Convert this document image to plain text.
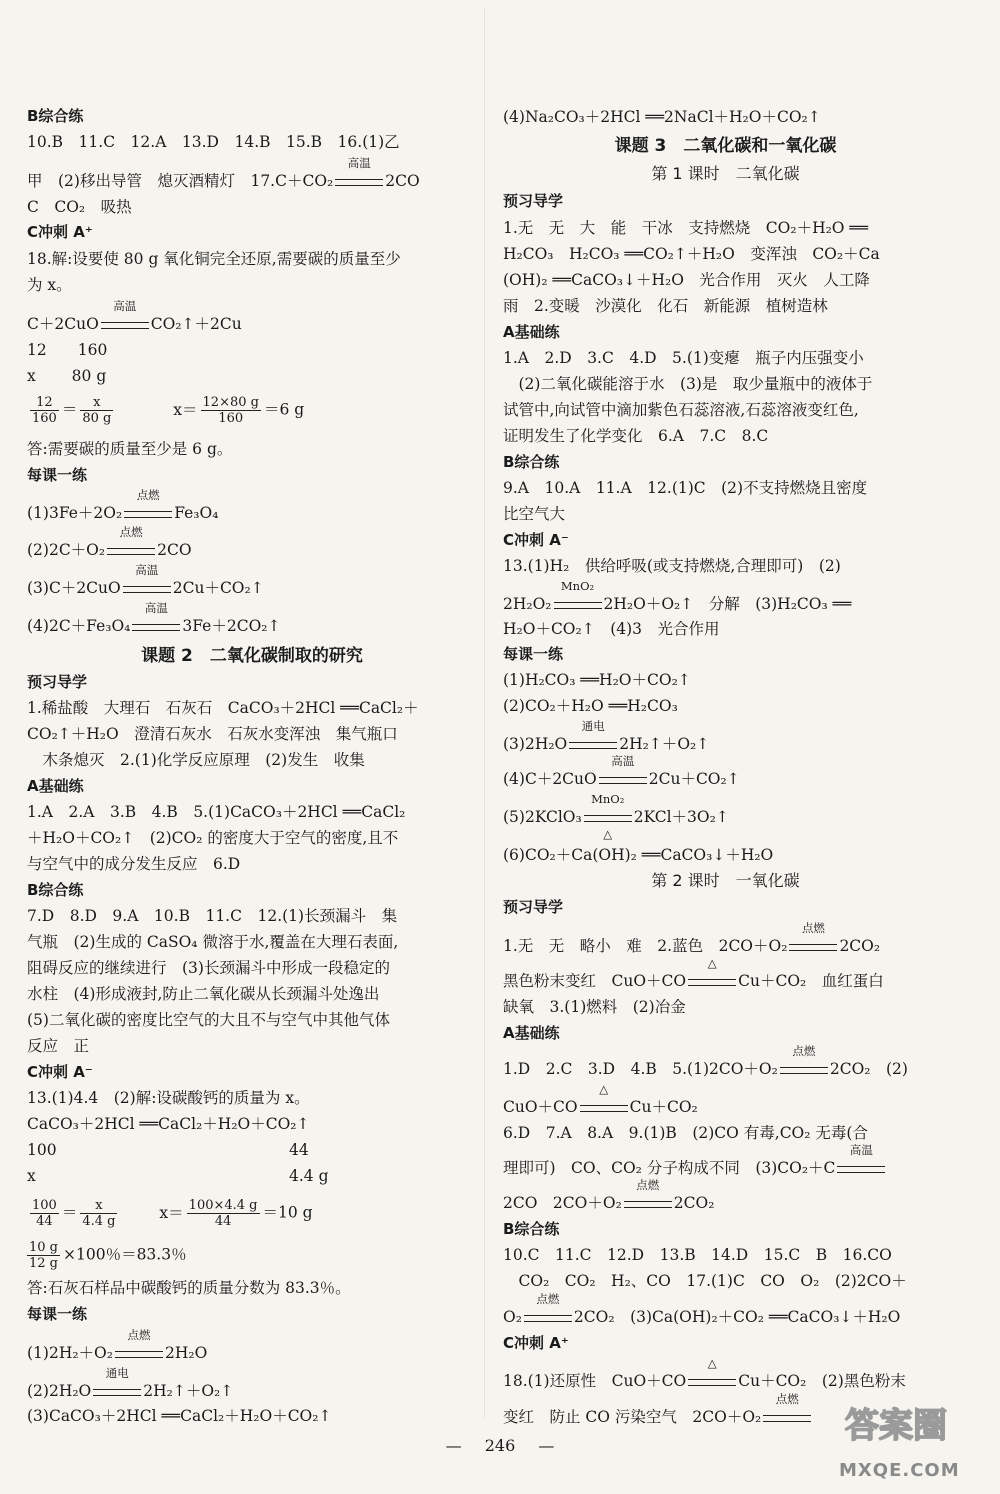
B综合练
10.B　11.C　12.A　13.D　14.B　15.B　16.(1)乙
甲　(2)移出导管　熄灭酒精灯　17.C＋CO₂
高温
2CO
C　CO₂　吸热
C冲刺 A⁺
18.解:设要使 80 g 氧化铜完全还原,需要碳的质量至少
为 x。
C＋2CuO
高温
CO₂↑＋2Cu
12　　160
x　　 80 g
$\frac{12}{160} = \frac{x}{80 g}$	$x= \frac{12\times 80 g}{160} =6$ g
答:需要碳的质量至少是 6 g。
每课一练
(1)3Fe＋2O₂
点燃
Fe₃O₄
(2)2C＋O₂
点燃
2CO
(3)C＋2CuO
高温
2Cu＋CO₂↑
(4)2C＋Fe₃O₄
高温
3Fe＋2CO₂↑
课题 2　二氧化碳制取的研究
预习导学
1.稀盐酸　大理石　石灰石　CaCO₃＋2HCl ══CaCl₂＋
CO₂↑＋H₂O　澄清石灰水　石灰水变浑浊　集气瓶口
　木条熄灭　2.(1)化学反应原理　(2)发生　收集
A基础练
1.A　2.A　3.B　4.B　5.(1)CaCO₃＋2HCl ══CaCl₂
＋H₂O＋CO₂↑　(2)CO₂ 的密度大于空气的密度,且不
与空气中的成分发生反应　6.D
B综合练
7.D　8.D　9.A　10.B　11.C　12.(1)长颈漏斗　集
气瓶　(2)生成的 CaSO₄ 微溶于水,覆盖在大理石表面,
阻碍反应的继续进行　(3)长颈漏斗中形成一段稳定的
水柱　(4)形成液封,防止二氧化碳从长颈漏斗处逸出
(5)二氧化碳的密度比空气的大且不与空气中其他气体
反应　正
C冲刺 A⁻
13.(1)4.4　(2)解:设碳酸钙的质量为 x。
CaCO₃＋2HCl ══CaCl₂＋H₂O＋CO₂↑
100	44
x	4.4 g
$\frac{100}{44} = \frac{x}{4.4 g}$	$x= \frac{100\times 4.4 g}{44} =10$ g
$\frac{10 g}{12 g} \times 100$％＝83.3％
答:石灰石样品中碳酸钙的质量分数为 83.3％。
每课一练
(1)2H₂＋O₂
点燃
2H₂O
(2)2H₂O
通电
2H₂↑＋O₂↑
(3)CaCO₃＋2HCl ══CaCl₂＋H₂O＋CO₂↑
(4)Na₂CO₃＋2HCl ══2NaCl＋H₂O＋CO₂↑
课题 3　二氧化碳和一氧化碳
第 1 课时　二氧化碳
预习导学
1.无　无　大　能　干冰　支持燃烧　CO₂＋H₂O ══
H₂CO₃　H₂CO₃ ══CO₂↑＋H₂O　变浑浊　CO₂＋Ca
(OH)₂ ══CaCO₃↓＋H₂O　光合作用　灭火　人工降
雨　2.变暖　沙漠化　化石　新能源　植树造林
A基础练
1.A　2.D　3.C　4.D　5.(1)变瘪　瓶子内压强变小
　(2)二氧化碳能溶于水　(3)是　取少量瓶中的液体于
试管中,向试管中滴加紫色石蕊溶液,石蕊溶液变红色,
证明发生了化学变化　6.A　7.C　8.C
B综合练
9.A　10.A　11.A　12.(1)C　(2)不支持燃烧且密度
比空气大
C冲刺 A⁻
13.(1)H₂　供给呼吸(或支持燃烧,合理即可)　(2)
2H₂O₂
MnO₂
2H₂O＋O₂↑　分解　(3)H₂CO₃ ══
H₂O＋CO₂↑　(4)3　光合作用
每课一练
(1)H₂CO₃ ══H₂O＋CO₂↑
(2)CO₂＋H₂O ══H₂CO₃
(3)2H₂O
通电
2H₂↑＋O₂↑
(4)C＋2CuO
高温
2Cu＋CO₂↑
(5)2KClO₃
MnO₂
△
2KCl＋3O₂↑
(6)CO₂＋Ca(OH)₂ ══CaCO₃↓＋H₂O
第 2 课时　一氧化碳
预习导学
1.无　无　略小　难　2.蓝色　2CO＋O₂
点燃
2CO₂
黑色粉末变红　CuO＋CO
△
Cu＋CO₂　血红蛋白
缺氧　3.(1)燃料　(2)冶金
A基础练
1.D　2.C　3.D　4.B　5.(1)2CO＋O₂
点燃
2CO₂　(2)
CuO＋CO
△
Cu＋CO₂
6.D　7.A　8.A　9.(1)B　(2)CO 有毒,CO₂ 无毒(合
理即可)　CO、CO₂ 分子构成不同　(3)CO₂＋C
高温
2CO　2CO＋O₂
点燃
2CO₂
B综合练
10.C　11.C　12.D　13.B　14.D　15.C　B　16.CO
　CO₂　CO₂　H₂、CO　17.(1)C　CO　O₂　(2)2CO＋
O₂
点燃
2CO₂　(3)Ca(OH)₂＋CO₂ ══CaCO₃↓＋H₂O
C冲刺 A⁺
18.(1)还原性　CuO＋CO
△
Cu＋CO₂　(2)黑色粉末
变红　防止 CO 污染空气　2CO＋O₂
点燃
— 246 —	答案圈
MXQE.COM
